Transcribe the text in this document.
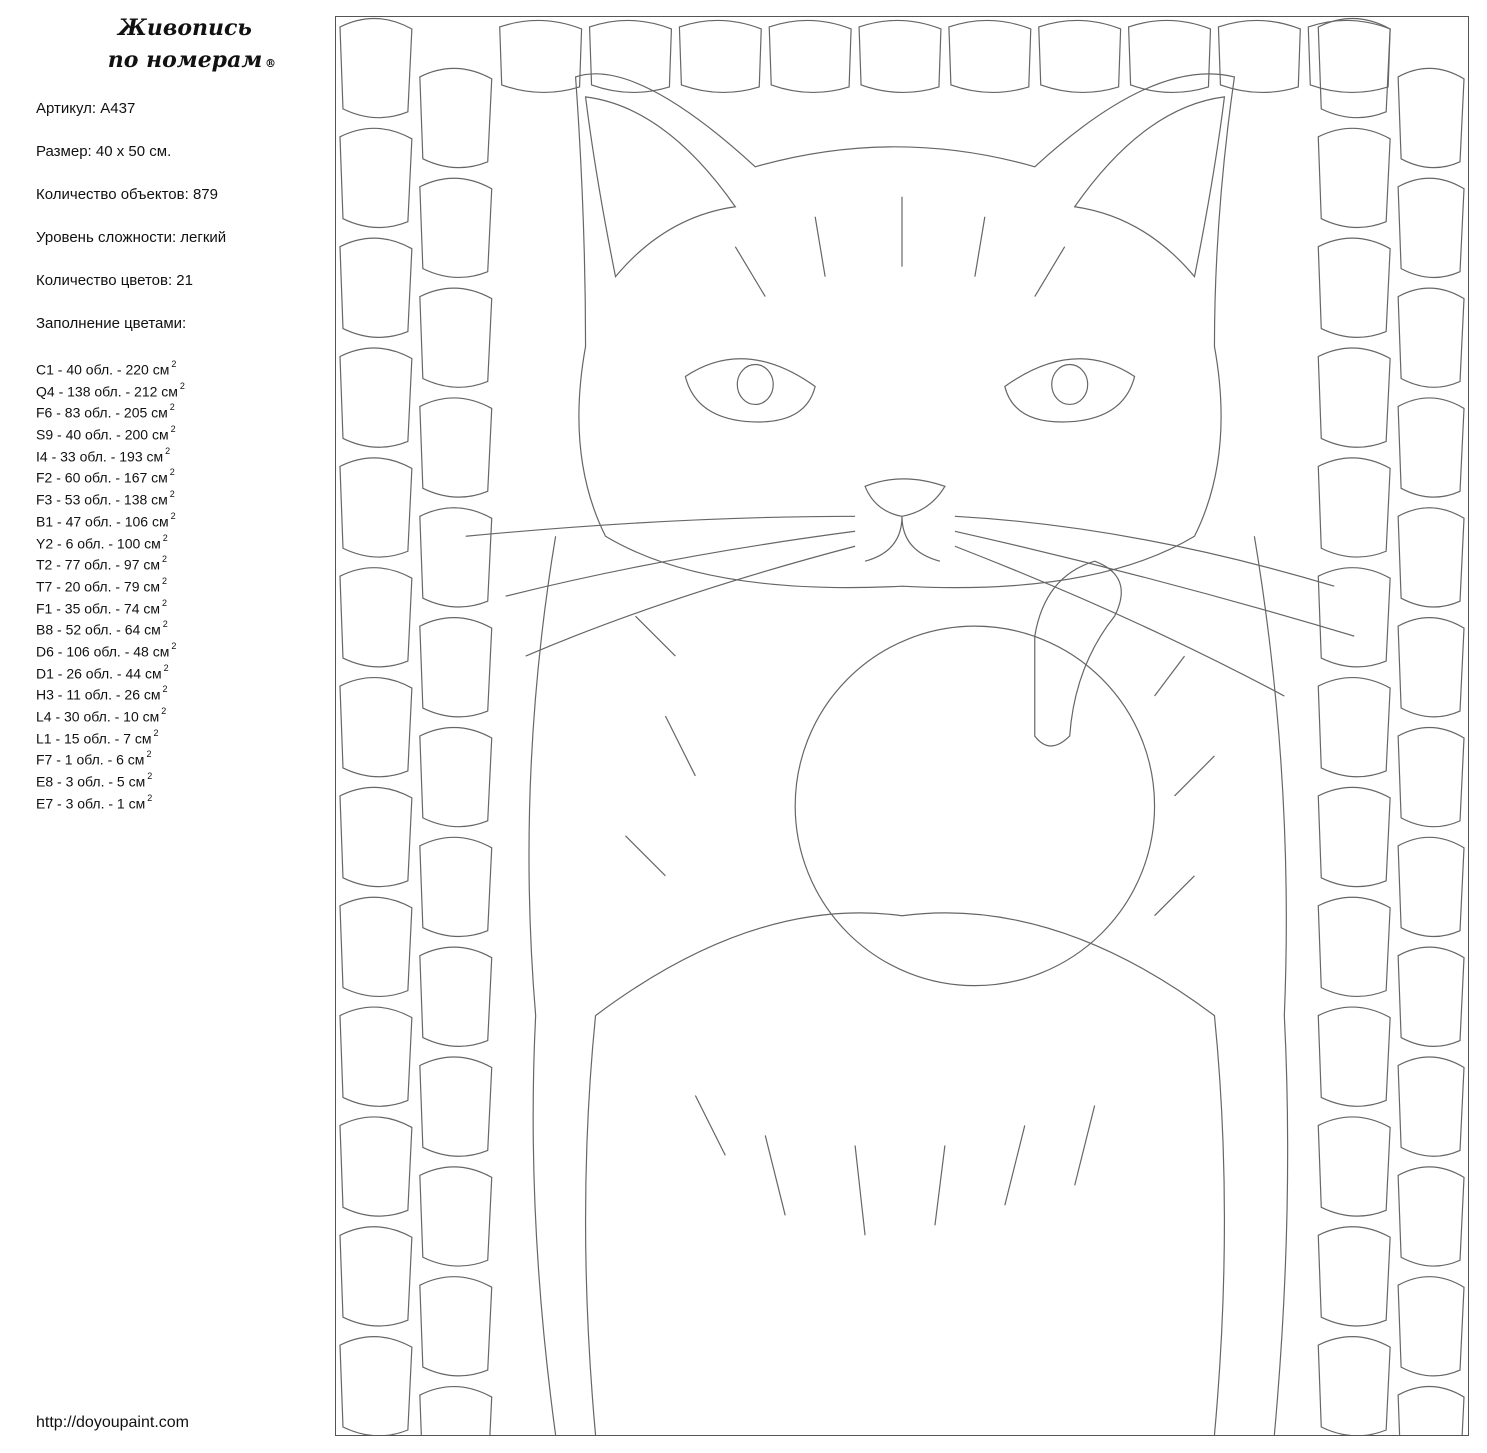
Живопись
по номерам ®
Артикул: А437
Размер: 40 х 50 см.
Количество объектов: 879
Уровень сложности: легкий
Количество цветов: 21
Заполнение цветами:
C1 - 40 обл. - 220 см $^2$
Q4 - 138 обл. - 212 см $^2$
F6 - 83 обл. - 205 см $^2$
S9 - 40 обл. - 200 см $^2$
I4 - 33 обл. - 193 см $^2$
F2 - 60 обл. - 167 см $^2$
F3 - 53 обл. - 138 см $^2$
B1 - 47 обл. - 106 см $^2$
Y2 - 6 обл. - 100 см $^2$
T2 - 77 обл. - 97 см $^2$
T7 - 20 обл. - 79 см $^2$
F1 - 35 обл. - 74 см $^2$
B8 - 52 обл. - 64 см $^2$
D6 - 106 обл. - 48 см $^2$
D1 - 26 обл. - 44 см $^2$
H3 - 11 обл. - 26 см $^2$
L4 - 30 обл. - 10 см $^2$
L1 - 15 обл. - 7 см $^2$
F7 - 1 обл. - 6 см $^2$
E8 - 3 обл. - 5 см $^2$
E7 - 3 обл. - 1 см $^2$
http://doyoupaint.com
